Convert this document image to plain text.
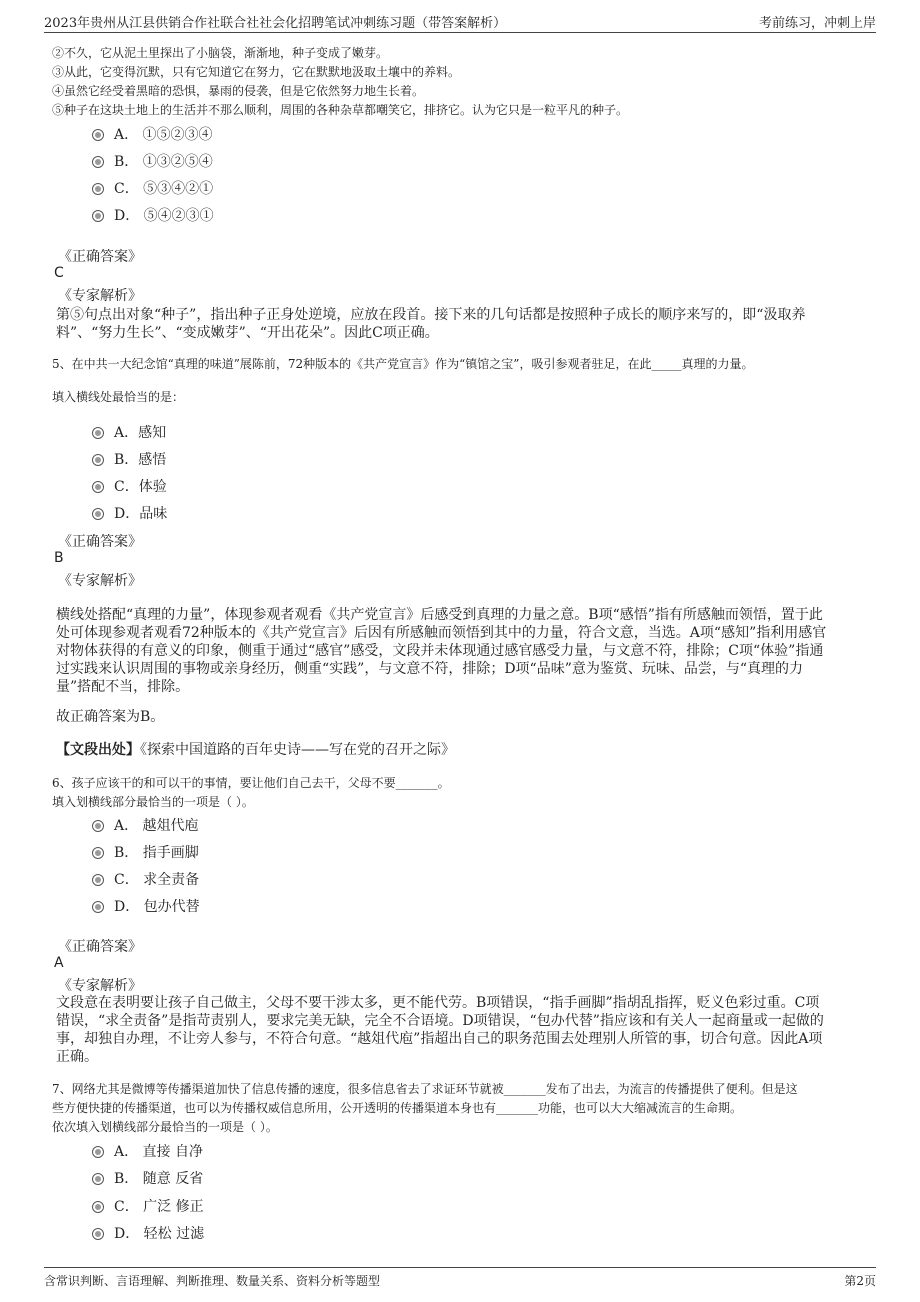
2023年贵州从江县供销合作社联合社社会化招聘笔试冲刺练习题（带答案解析）	考前练习，冲刺上岸
②不久，它从泥土里探出了小脑袋，渐渐地，种子变成了嫩芽。
③从此，它变得沉默，只有它知道它在努力，它在默默地汲取土壤中的养料。
④虽然它经受着黑暗的恐惧，暴雨的侵袭，但是它依然努力地生长着。
⑤种子在这块土地上的生活并不那么顺利，周围的各种杂草都嘲笑它，排挤它。认为它只是一粒平凡的种子。
A． ①⑤②③④
B． ①③②⑤④
C． ⑤③④②①
D． ⑤④②③①
《正确答案》
C
《专家解析》
第⑤句点出对象“种子”，指出种子正身处逆境，应放在段首。接下来的几句话都是按照种子成长的顺序来写的，即“汲取养
料”、“努力生长”、“变成嫩芽”、“开出花朵”。因此C项正确。
5、在中共一大纪念馆“真理的味道”展陈前，72种版本的《共产党宣言》作为“镇馆之宝”，吸引参观者驻足，在此_____真理的力量。
填入横线处最恰当的是：
A．感知
B．感悟
C．体验
D．品味
《正确答案》
B
《专家解析》
横线处搭配“真理的力量”，体现参观者观看《共产党宣言》后感受到真理的力量之意。B项“感悟”指有所感触而领悟，置于此
处可体现参观者观看72种版本的《共产党宣言》后因有所感触而领悟到其中的力量，符合文意，当选。A项“感知”指利用感官
对物体获得的有意义的印象，侧重于通过“感官”感受，文段并未体现通过感官感受力量，与文意不符，排除；C项“体验”指通
过实践来认识周围的事物或亲身经历，侧重“实践”，与文意不符，排除；D项“品味”意为鉴赏、玩味、品尝，与“真理的力
量”搭配不当，排除。
故正确答案为B。
【文段出处】《探索中国道路的百年史诗——写在党的召开之际》
6、孩子应该干的和可以干的事情，要让他们自己去干，父母不要_______。
填入划横线部分最恰当的一项是（ ）。
A． 越俎代庖
B． 指手画脚
C． 求全责备
D． 包办代替
《正确答案》
A
《专家解析》
文段意在表明要让孩子自己做主，父母不要干涉太多，更不能代劳。B项错误，“指手画脚”指胡乱指挥，贬义色彩过重。C项
错误，“求全责备”是指苛责别人，要求完美无缺，完全不合语境。D项错误，“包办代替”指应该和有关人一起商量或一起做的
事，却独自办理，不让旁人参与，不符合句意。“越俎代庖”指超出自己的职务范围去处理别人所管的事，切合句意。因此A项
正确。
7、网络尤其是微博等传播渠道加快了信息传播的速度，很多信息省去了求证环节就被_______发布了出去，为流言的传播提供了便利。但是这
些方便快捷的传播渠道，也可以为传播权威信息所用，公开透明的传播渠道本身也有_______功能，也可以大大缩减流言的生命期。
依次填入划横线部分最恰当的一项是（ ）。
A． 直接 自净
B． 随意 反省
C． 广泛 修正
D． 轻松 过滤
含常识判断、言语理解、判断推理、数量关系、资料分析等题型	第2页
